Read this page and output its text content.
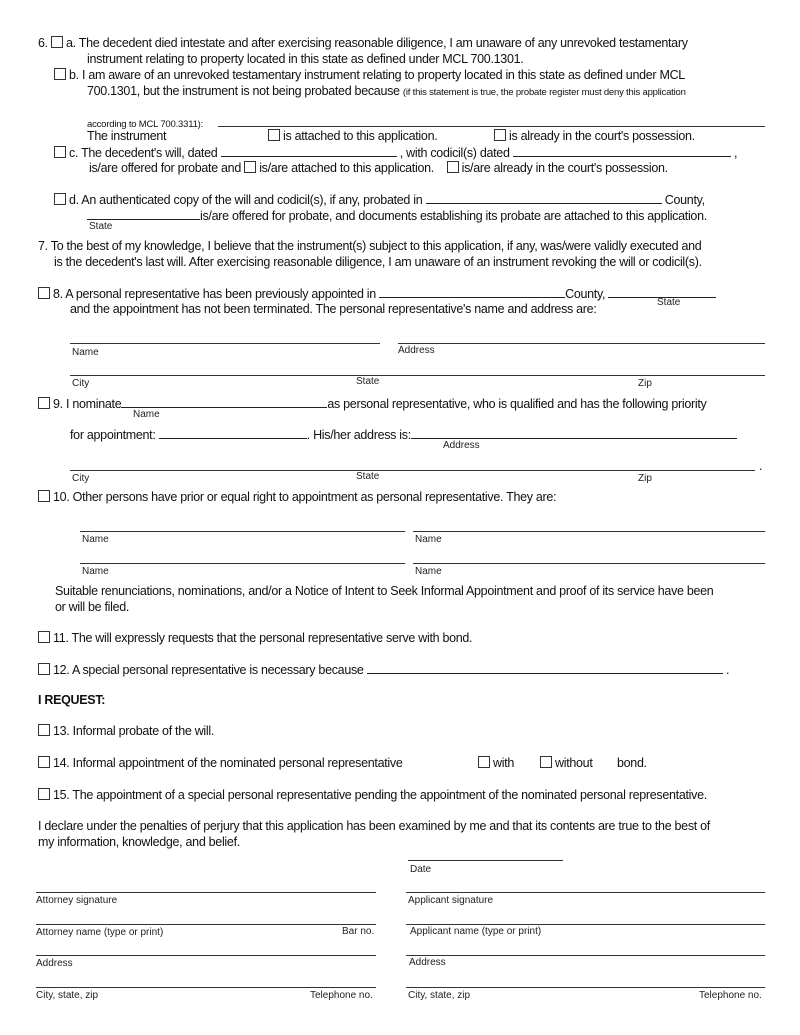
6. a. The decedent died intestate and after exercising reasonable diligence, I am unaware of any unrevoked testamentary
instrument relating to property located in this state as defined under MCL 700.1301.
b. I am aware of an unrevoked testamentary instrument relating to property located in this state as defined under MCL
700.1301, but the instrument is not being probated because (if this statement is true, the probate register must deny this application
according to MCL 700.3311):
The instrument	is attached to this application.	is already in the court's possession.
c. The decedent's will, dated	, with codicil(s) dated	,
is/are offered for probate and is/are attached to this application. is/are already in the court's possession.
d. An authenticated copy of the will and codicil(s), if any, probated in	County,
is/are offered for probate, and documents establishing its probate are attached to this application.
State
7. To the best of my knowledge, I believe that the instrument(s) subject to this application, if any, was/were validly executed and
is the decedent's last will. After exercising reasonable diligence, I am unaware of an instrument revoking the will or codicil(s).
8. A personal representative has been previously appointed in	County,
State
and the appointment has not been terminated. The personal representative's name and address are:
Name	Address
City	State	Zip
9. I nominate	as personal representative, who is qualified and has the following priority
Name
for appointment:	. His/her address is:
Address
.
City	State	Zip
10. Other persons have prior or equal right to appointment as personal representative. They are:
Name	Name
Name	Name
Suitable renunciations, nominations, and/or a Notice of Intent to Seek Informal Appointment and proof of its service have been
or will be filed.
11. The will expressly requests that the personal representative serve with bond.
12. A special personal representative is necessary because	.
I REQUEST:
13. Informal probate of the will.
14. Informal appointment of the nominated personal representative	with	without bond.
15. The appointment of a special personal representative pending the appointment of the nominated personal representative.
I declare under the penalties of perjury that this application has been examined by me and that its contents are true to the best of
my information, knowledge, and belief.
Date
Attorney signature	Applicant signature
Attorney name (type or print)	Bar no.	Applicant name (type or print)
Address	Address
City, state, zip	Telephone no.	City, state, zip	Telephone no.
